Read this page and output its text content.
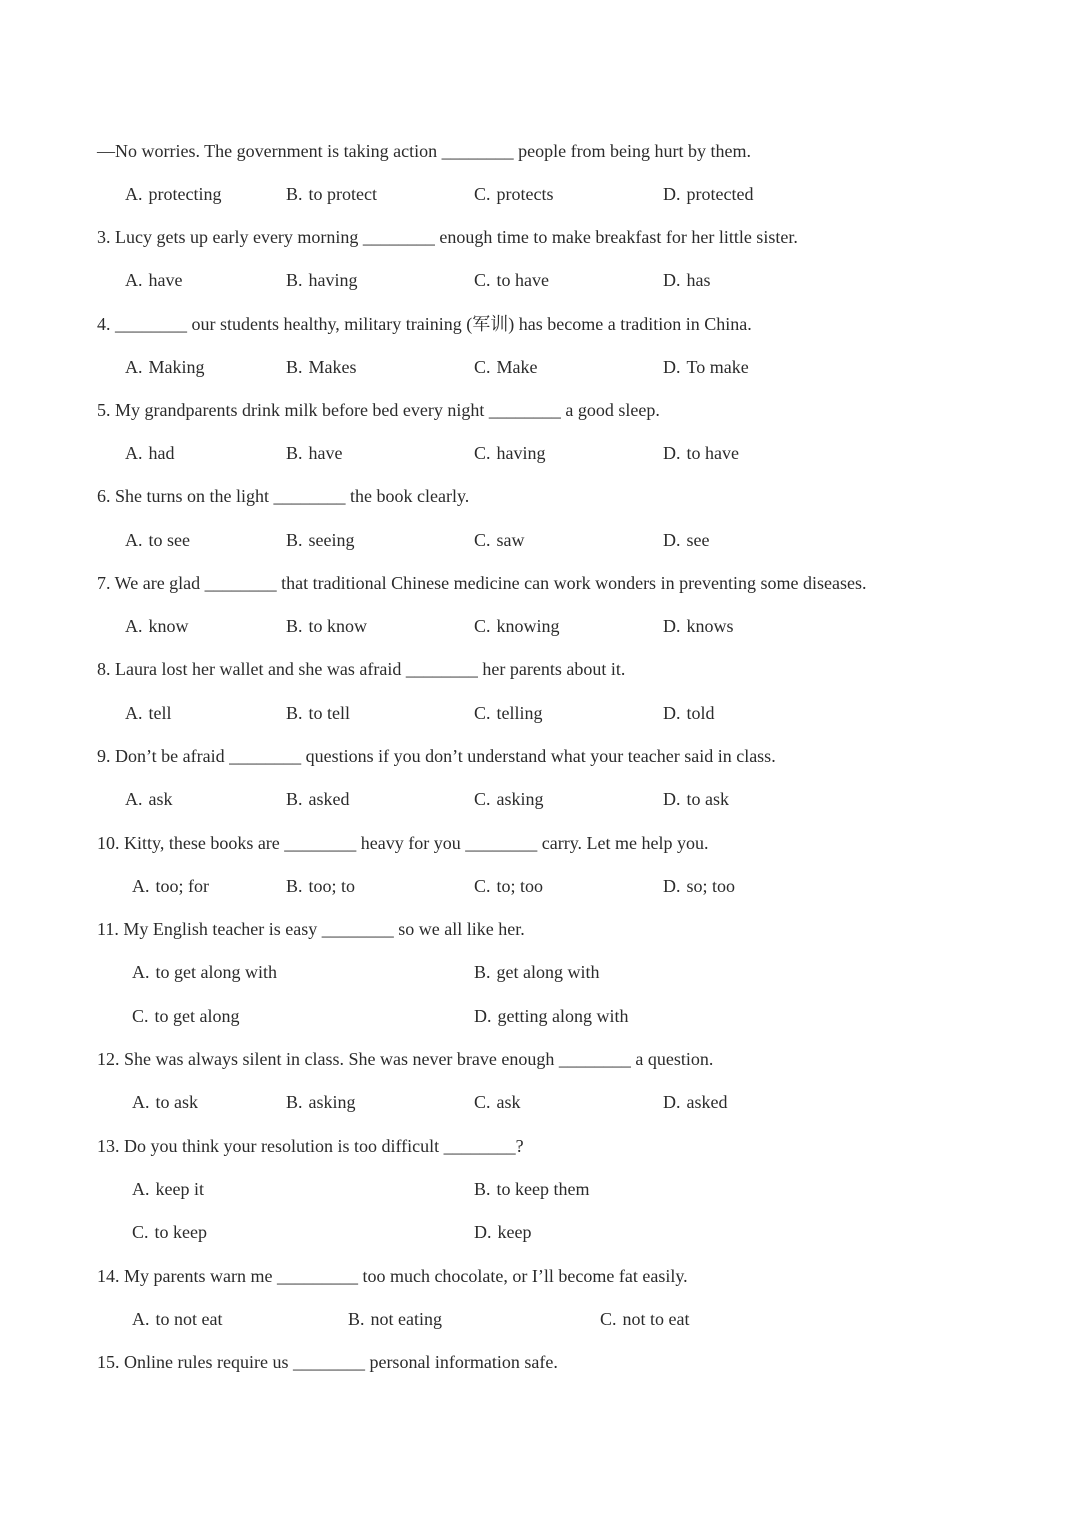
—No worries. The government is taking action ________ people from being hurt by them.
A. protecting	B. to protect	C. protects	D. protected
3. Lucy gets up early every morning ________ enough time to make breakfast for her little sister.
A. have	B. having	C. to have	D. has
4. ________ our students healthy, military training (军训) has become a tradition in China.
A. Making	B. Makes	C. Make	D. To make
5. My grandparents drink milk before bed every night ________ a good sleep.
A. had	B. have	C. having	D. to have
6. She turns on the light ________ the book clearly.
A. to see	B. seeing	C. saw	D. see
7. We are glad ________ that traditional Chinese medicine can work wonders in preventing some diseases.
A. know	B. to know	C. knowing	D. knows
8. Laura lost her wallet and she was afraid ________ her parents about it.
A. tell	B. to tell	C. telling	D. told
9. Don’t be afraid ________ questions if you don’t understand what your teacher said in class.
A. ask	B. asked	C. asking	D. to ask
10. Kitty, these books are ________ heavy for you ________ carry. Let me help you.
A. too; for	B. too; to	C. to; too	D. so; too
11. My English teacher is easy ________ so we all like her.
A. to get along with	B. get along with
C. to get along	D. getting along with
12. She was always silent in class. She was never brave enough ________ a question.
A. to ask	B. asking	C. ask	D. asked
13. Do you think your resolution is too difficult ________?
A. keep it	B. to keep them
C. to keep	D. keep
14. My parents warn me _________ too much chocolate, or I’ll become fat easily.
A. to not eat	B. not eating	C. not to eat
15. Online rules require us ________ personal information safe.
